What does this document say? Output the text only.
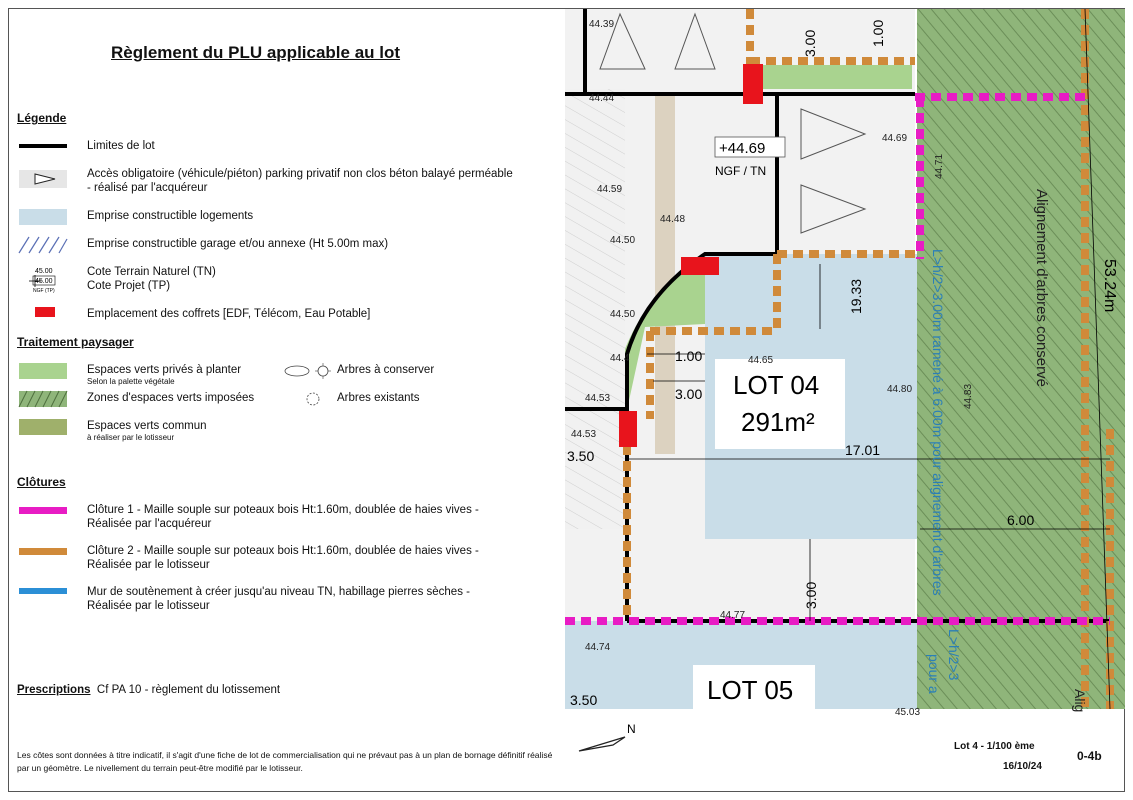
Règlement du PLU applicable au lot
Légende
Limites de lot
Accès obligatoire (véhicule/piéton) parking privatif non clos béton balayé perméable - réalisé par l'acquéreur
Emprise constructible logements
Emprise constructible garage et/ou annexe (Ht 5.00m max)
45.00
45.00
NGF (TP)
Cote Terrain Naturel (TN)
Cote Projet (TP)
Emplacement des coffrets [EDF, Télécom, Eau Potable]
Traitement paysager
Espaces verts privés à planter
Selon la palette végétale
Zones d'espaces verts imposées
Espaces verts commun
à réaliser par le lotisseur
Arbres à conserver
Arbres existants
Clôtures
Clôture 1 - Maille souple sur poteaux bois Ht:1.60m, doublée de haies vives - Réalisée par l'acquéreur
Clôture 2 - Maille souple sur poteaux bois Ht:1.60m, doublée de haies vives - Réalisée par le lotisseur
Mur de soutènement à créer jusqu'au niveau TN, habillage pierres sèches - Réalisée par le lotisseur
Prescriptions Cf PA 10 - règlement du lotissement
Les côtes sont données à titre indicatif, il s'agit d'une fiche de lot de commercialisation qui ne prévaut pas à un plan de bornage définitif réalisé par un géomètre. Le nivellement du terrain peut-être modifié par le lotisseur.
+44.69
NGF / TN
LOT 04
291m²
LOT 05
44.39
44.44
44.69
44.71
44.59
44.48
44.50
44.50
44.4	44.65
44.53
44.53
44.80	44.83
44.77
44.74
45.03
3.00	1.00
19.33	53.24m
1.00
3.00
17.01
6.00
3.00
3.50
3.50
L>h/2>3.00m ramené à 6.00m pour alignement d'arbres
L>h/2>3
pour a
Alignement d'arbres conservé
Alig
N
Lot 4 - 1/100 ème
16/10/24
0-4b
